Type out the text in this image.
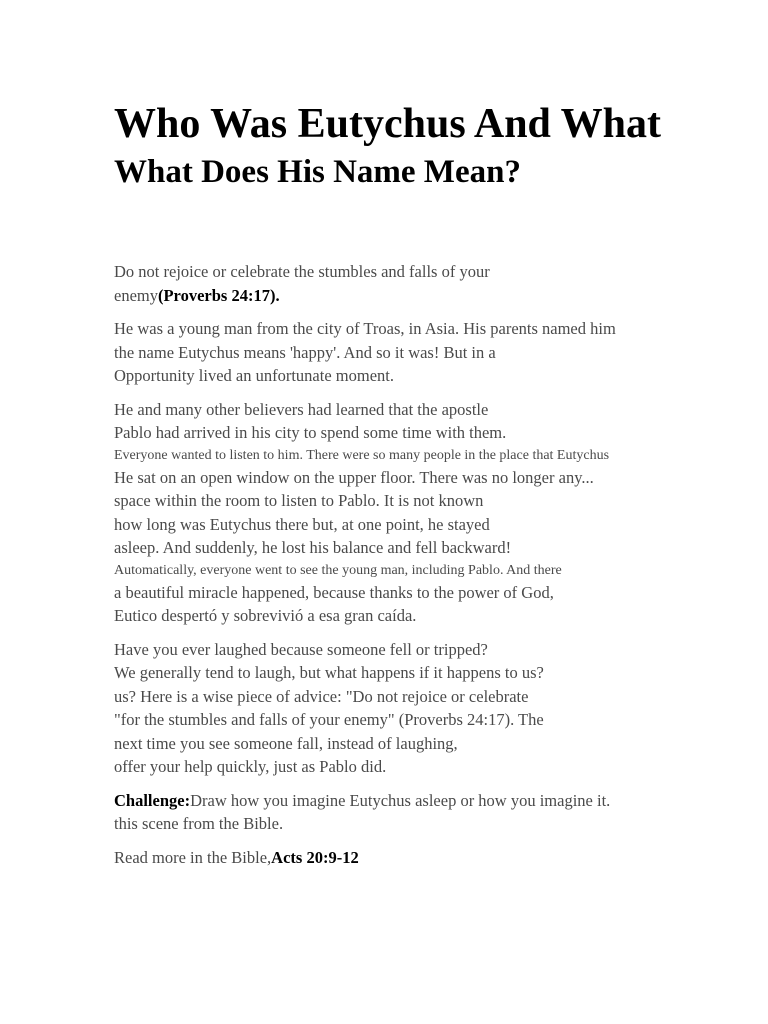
Who Was Eutychus And What
What Does His Name Mean?

Do not rejoice or celebrate the stumbles and falls of your
enemy(Proverbs 24:17).

He was a young man from the city of Troas, in Asia. His parents named him
the name Eutychus means 'happy'. And so it was! But in a
Opportunity lived an unfortunate moment.

He and many other believers had learned that the apostle
Pablo had arrived in his city to spend some time with them.
Everyone wanted to listen to him. There were so many people in the place that Eutychus
He sat on an open window on the upper floor. There was no longer any...
space within the room to listen to Pablo. It is not known
how long was Eutychus there but, at one point, he stayed
asleep. And suddenly, he lost his balance and fell backward!
Automatically, everyone went to see the young man, including Pablo. And there
a beautiful miracle happened, because thanks to the power of God,
Eutico despertó y sobrevivió a esa gran caída.

Have you ever laughed because someone fell or tripped?
We generally tend to laugh, but what happens if it happens to us?
us? Here is a wise piece of advice: "Do not rejoice or celebrate
"for the stumbles and falls of your enemy" (Proverbs 24:17). The
next time you see someone fall, instead of laughing,
offer your help quickly, just as Pablo did.

Challenge:Draw how you imagine Eutychus asleep or how you imagine it.
this scene from the Bible.

Read more in the Bible,Acts 20:9-12
